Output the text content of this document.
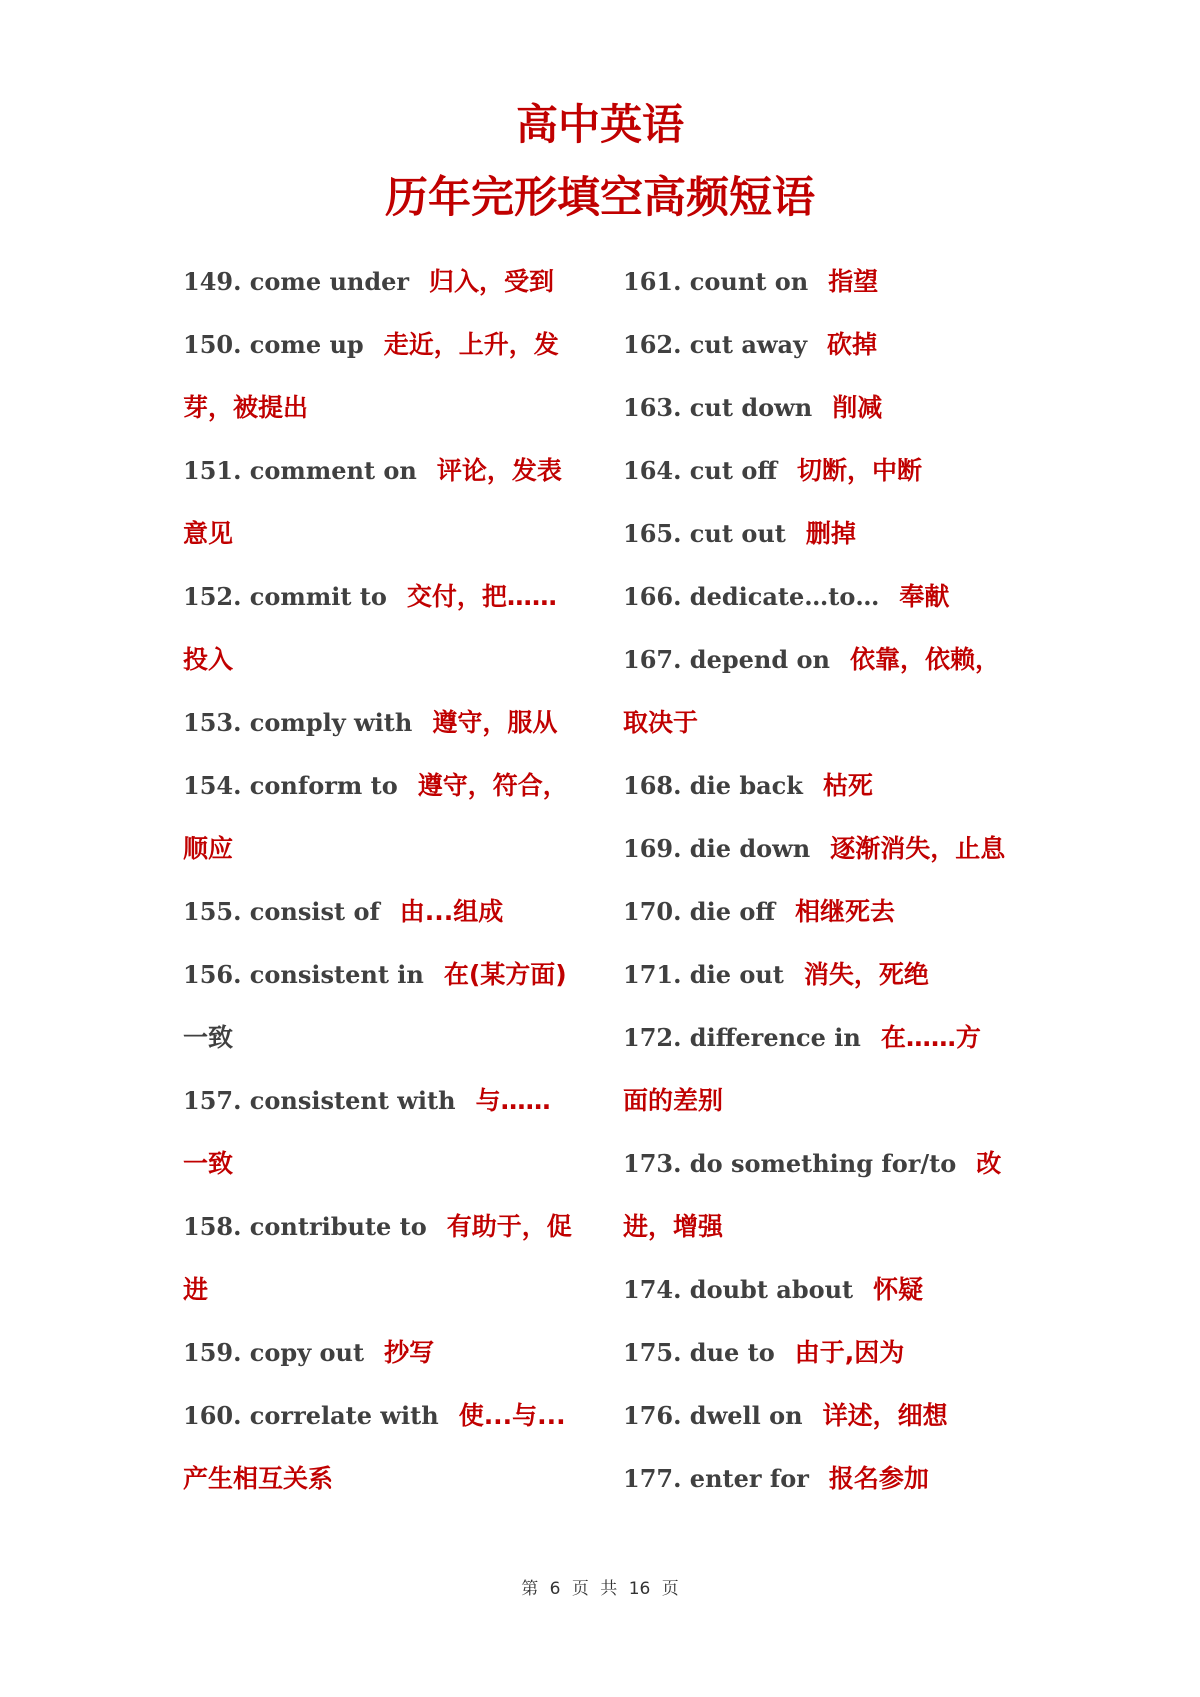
高中英语
历年完形填空高频短语
149. come under 归入，受到
150. come up 走近，上升，发
芽，被提出
151. comment on 评论，发表
意见
152. commit to 交付，把……
投入
153. comply with 遵守，服从
154. conform to 遵守，符合，
顺应
155. consist of 由...组成
156. consistent in 在(某方面)
一致
157. consistent with 与……
一致
158. contribute to 有助于，促
进
159. copy out 抄写
160. correlate with 使...与...
产生相互关系
161. count on 指望
162. cut away 砍掉
163. cut down 削减
164. cut off 切断，中断
165. cut out 删掉
166. dedicate…to… 奉献
167. depend on 依靠，依赖，
取决于
168. die back 枯死
169. die down 逐渐消失，止息
170. die off 相继死去
171. die out 消失，死绝
172. difference in 在……方
面的差别
173. do something for/to 改
进，增强
174. doubt about 怀疑
175. due to 由于,因为
176. dwell on 详述，细想
177. enter for 报名参加
第 6 页 共 16 页
